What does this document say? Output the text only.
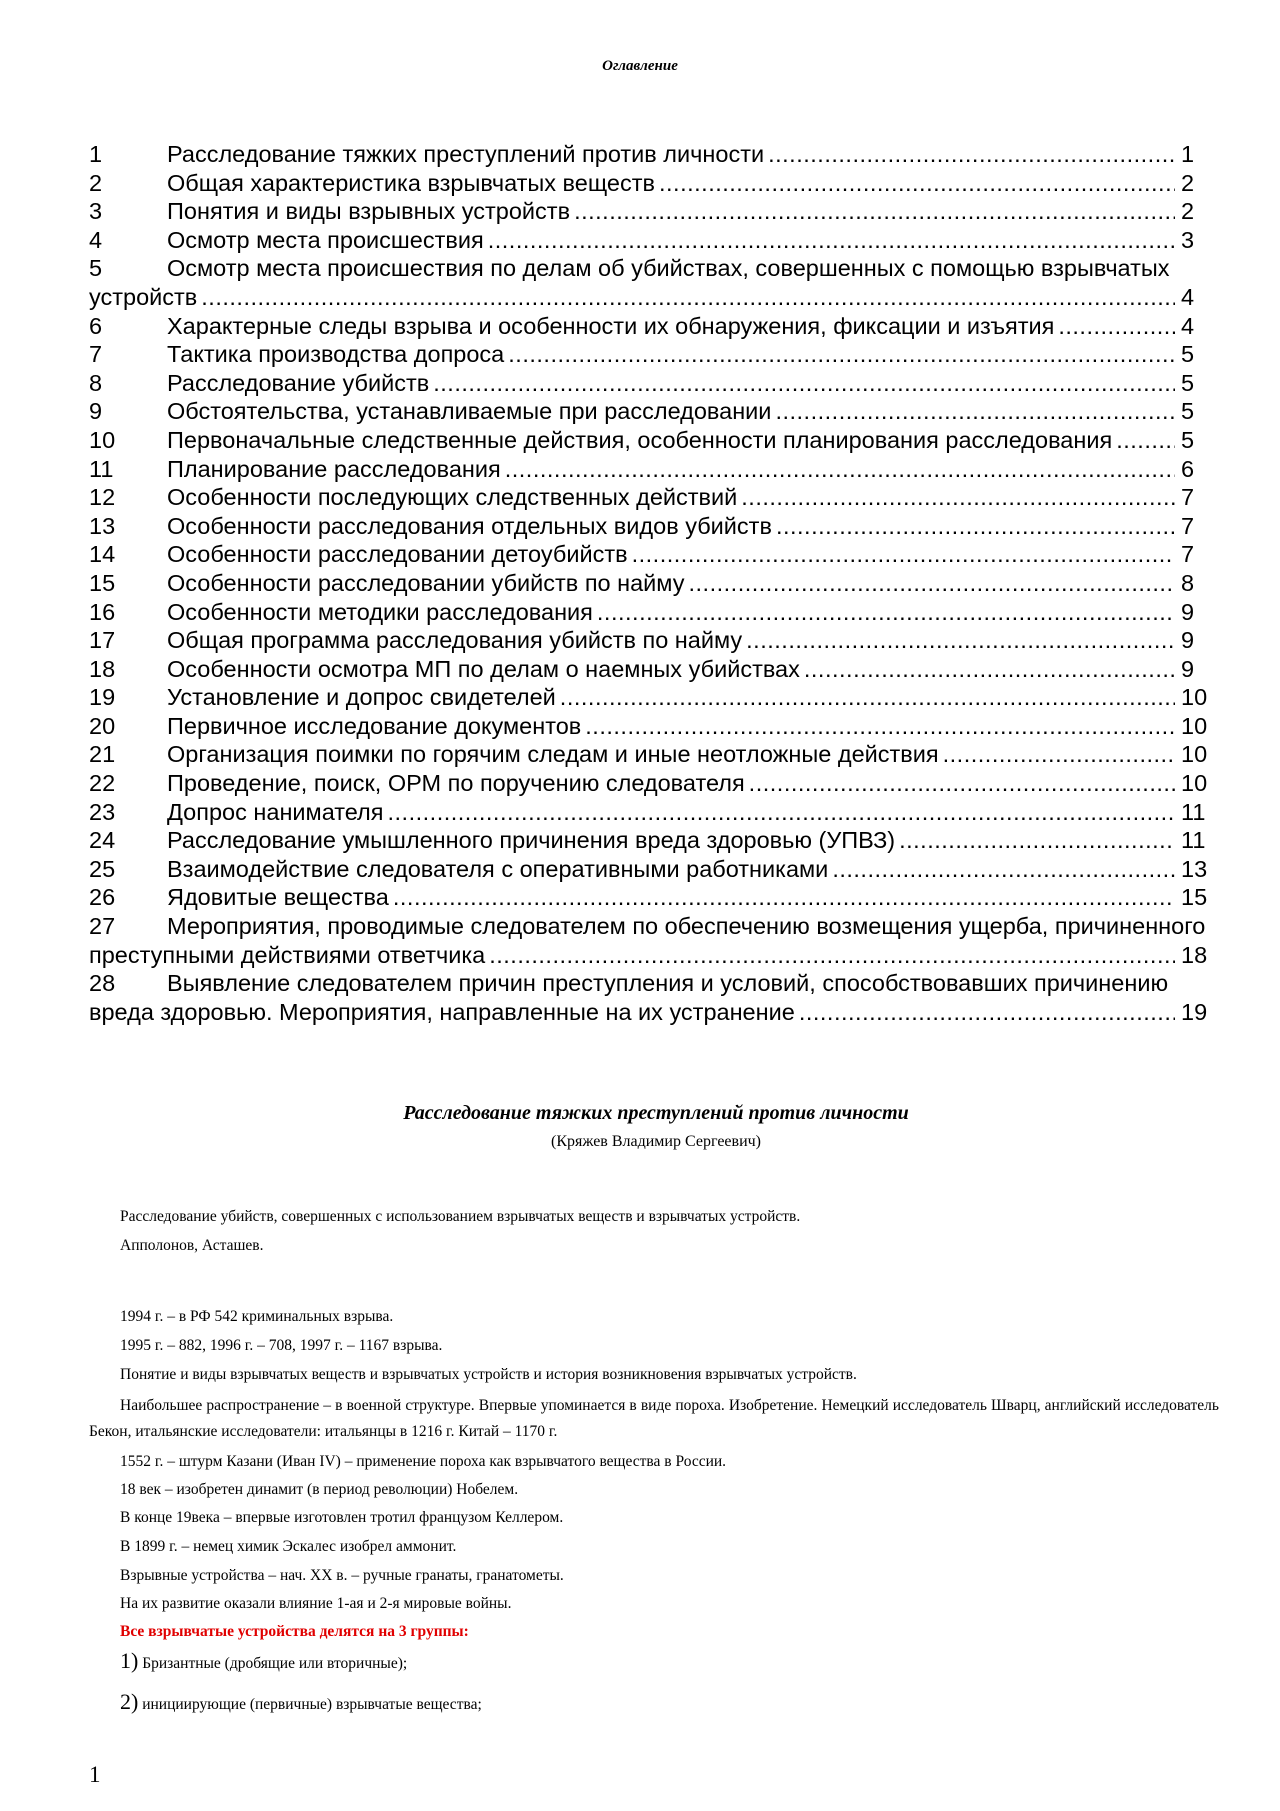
Оглавление
1	Расследование тяжких преступлений против личности .....	1
2	Общая характеристика взрывчатых веществ .....	2
3	Понятия и виды взрывных устройств .....	2
4	Осмотр места происшествия .....	3
5	Осмотр места происшествия по делам об убийствах, совершенных с помощью взрывчатых
устройств .....	4
6	Характерные следы взрыва и особенности их обнаружения, фиксации и изъятия .....	4
7	Тактика производства допроса .....	5
8	Расследование убийств .....	5
9	Обстоятельства, устанавливаемые при расследовании .....	5
10	Первоначальные следственные действия, особенности планирования расследования .....	5
11	Планирование расследования .....	6
12	Особенности последующих следственных действий .....	7
13	Особенности расследования отдельных видов убийств .....	7
14	Особенности расследовании детоубийств .....	7
15	Особенности расследовании убийств по найму .....	8
16	Особенности методики расследования .....	9
17	Общая программа расследования убийств по найму .....	9
18	Особенности осмотра МП по делам о наемных убийствах .....	9
19	Установление и допрос свидетелей .....	10
20	Первичное исследование документов .....	10
21	Организация поимки по горячим следам и иные неотложные действия .....	10
22	Проведение, поиск, ОРМ по поручению следователя .....	10
23	Допрос нанимателя .....	11
24	Расследование умышленного причинения вреда здоровью (УПВЗ) .....	11
25	Взаимодействие следователя с оперативными работниками .....	13
26	Ядовитые вещества .....	15
27	Мероприятия, проводимые следователем по обеспечению возмещения ущерба, причиненного
преступными действиями ответчика .....	18
28	Выявление следователем причин преступления и условий, способствовавших причинению
вреда здоровью. Мероприятия, направленные на их устранение .....	19
Расследование тяжких преступлений против личности
(Кряжев Владимир Сергеевич)
Расследование убийств, совершенных с использованием взрывчатых веществ и взрывчатых устройств.
Апполонов, Асташев.
1994 г. – в РФ 542 криминальных взрыва.
1995 г. – 882, 1996 г. – 708, 1997 г. – 1167 взрыва.
Понятие и виды взрывчатых веществ и взрывчатых устройств и история возникновения взрывчатых устройств.
Наибольшее распространение – в военной структуре. Впервые упоминается в виде пороха. Изобретение. Немецкий исследователь Шварц, английский исследователь Бекон, итальянские исследователи: итальянцы в 1216 г. Китай – 1170 г.
1552 г. – штурм Казани (Иван IV) – применение пороха как взрывчатого вещества в России.
18 век – изобретен динамит (в период революции) Нобелем.
В конце 19века – впервые изготовлен тротил французом Келлером.
В 1899 г. – немец химик Эскалес изобрел аммонит.
Взрывные устройства – нач. XX в. – ручные гранаты, гранатометы.
На их развитие оказали влияние 1-ая и 2-я мировые войны.
Все взрывчатые устройства делятся на 3 группы:
1) Бризантные (дробящие или вторичные);
2) инициирующие (первичные) взрывчатые вещества;
1
